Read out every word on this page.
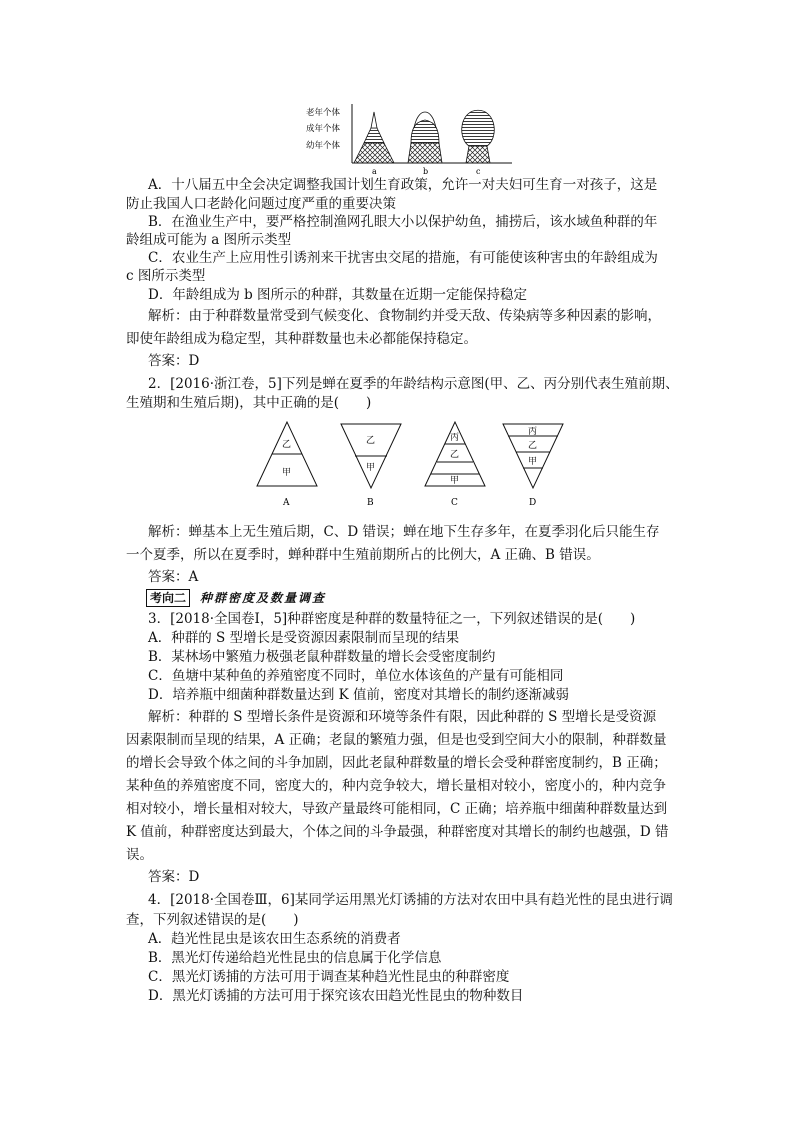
老年个体
成年个体
幼年个体
a	b	c
A．十八届五中全会决定调整我国计划生育政策，允许一对夫妇可生育一对孩子，这是
防止我国人口老龄化问题过度严重的重要决策
B．在渔业生产中，要严格控制渔网孔眼大小以保护幼鱼，捕捞后，该水域鱼种群的年
龄组成可能为 a 图所示类型
C．农业生产上应用性引诱剂来干扰害虫交尾的措施，有可能使该种害虫的年龄组成为
c 图所示类型
D．年龄组成为 b 图所示的种群，其数量在近期一定能保持稳定
解析：由于种群数量常受到气候变化、食物制约并受天敌、传染病等多种因素的影响，
即使年龄组成为稳定型，其种群数量也未必都能保持稳定。
答案：D
2．[2016·浙江卷，5]下列是蝉在夏季的年龄结构示意图(甲、乙、丙分别代表生殖前期、
生殖期和生殖后期)，其中正确的是(　　)
乙
甲
A
乙
甲
B
丙
乙
甲
C
丙
乙
甲
D
解析：蝉基本上无生殖后期，C、D 错误；蝉在地下生存多年，在夏季羽化后只能生存
一个夏季，所以在夏季时，蝉种群中生殖前期所占的比例大，A 正确、B 错误。
答案：A
考向二 种群密度及数量调查
3．[2018·全国卷Ⅰ，5]种群密度是种群的数量特征之一，下列叙述错误的是(　　)
A．种群的 S 型增长是受资源因素限制而呈现的结果
B．某林场中繁殖力极强老鼠种群数量的增长会受密度制约
C．鱼塘中某种鱼的养殖密度不同时，单位水体该鱼的产量有可能相同
D．培养瓶中细菌种群数量达到 K 值前，密度对其增长的制约逐渐减弱
解析：种群的 S 型增长条件是资源和环境等条件有限，因此种群的 S 型增长是受资源
因素限制而呈现的结果，A 正确；老鼠的繁殖力强，但是也受到空间大小的限制，种群数量
的增长会导致个体之间的斗争加剧，因此老鼠种群数量的增长会受种群密度制约，B 正确；
某种鱼的养殖密度不同，密度大的，种内竞争较大，增长量相对较小，密度小的，种内竞争
相对较小，增长量相对较大，导致产量最终可能相同，C 正确；培养瓶中细菌种群数量达到
K 值前，种群密度达到最大，个体之间的斗争最强，种群密度对其增长的制约也越强，D 错
误。
答案：D
4．[2018·全国卷Ⅲ，6]某同学运用黑光灯诱捕的方法对农田中具有趋光性的昆虫进行调
查，下列叙述错误的是(　　)
A．趋光性昆虫是该农田生态系统的消费者
B．黑光灯传递给趋光性昆虫的信息属于化学信息
C．黑光灯诱捕的方法可用于调查某种趋光性昆虫的种群密度
D．黑光灯诱捕的方法可用于探究该农田趋光性昆虫的物种数目
